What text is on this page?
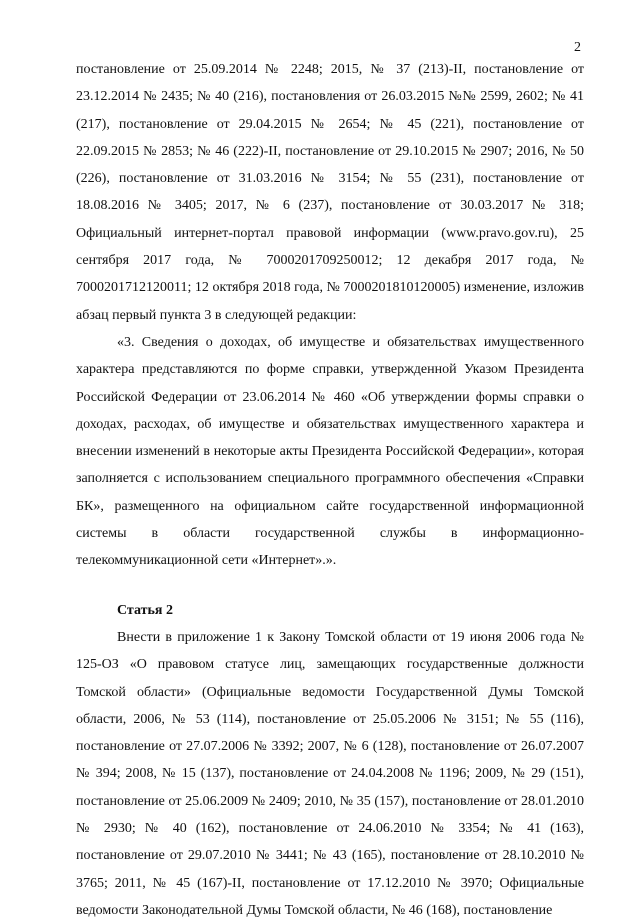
2

постановление от 25.09.2014 № 2248; 2015, № 37 (213)-II, постановление от 23.12.2014 № 2435; № 40 (216), постановления от 26.03.2015 №№ 2599, 2602; № 41 (217), постановление от 29.04.2015 № 2654; № 45 (221), постановление от 22.09.2015 № 2853; № 46 (222)-II, постановление от 29.10.2015 № 2907; 2016, № 50 (226), постановление от 31.03.2016 № 3154; № 55 (231), постановление от 18.08.2016 № 3405; 2017, № 6 (237), постановление от 30.03.2017 № 318; Официальный интернет-портал правовой информации (www.pravo.gov.ru), 25 сентября 2017 года, № 7000201709250012; 12 декабря 2017 года, № 7000201712120011; 12 октября 2018 года, № 7000201810120005) изменение, изложив абзац первый пункта 3 в следующей редакции:

«3. Сведения о доходах, об имуществе и обязательствах имущественного характера представляются по форме справки, утвержденной Указом Президента Российской Федерации от 23.06.2014 № 460 «Об утверждении формы справки о доходах, расходах, об имуществе и обязательствах имущественного характера и внесении изменений в некоторые акты Президента Российской Федерации», которая заполняется с использованием специального программного обеспечения «Справки БК», размещенного на официальном сайте государственной информационной системы в области государственной службы в информационно-телекоммуникационной сети «Интернет».».

Статья 2

Внести в приложение 1 к Закону Томской области от 19 июня 2006 года № 125-ОЗ «О правовом статусе лиц, замещающих государственные должности Томской области» (Официальные ведомости Государственной Думы Томской области, 2006, № 53 (114), постановление от 25.05.2006 № 3151; № 55 (116), постановление от 27.07.2006 № 3392; 2007, № 6 (128), постановление от 26.07.2007 № 394; 2008, № 15 (137), постановление от 24.04.2008 № 1196; 2009, № 29 (151), постановление от 25.06.2009 № 2409; 2010, № 35 (157), постановление от 28.01.2010 № 2930; № 40 (162), постановление от 24.06.2010 № 3354; № 41 (163), постановление от 29.07.2010 № 3441; № 43 (165), постановление от 28.10.2010 № 3765; 2011, № 45 (167)-II, постановление от 17.12.2010 № 3970; Официальные ведомости Законодательной Думы Томской области, № 46 (168), постановление
